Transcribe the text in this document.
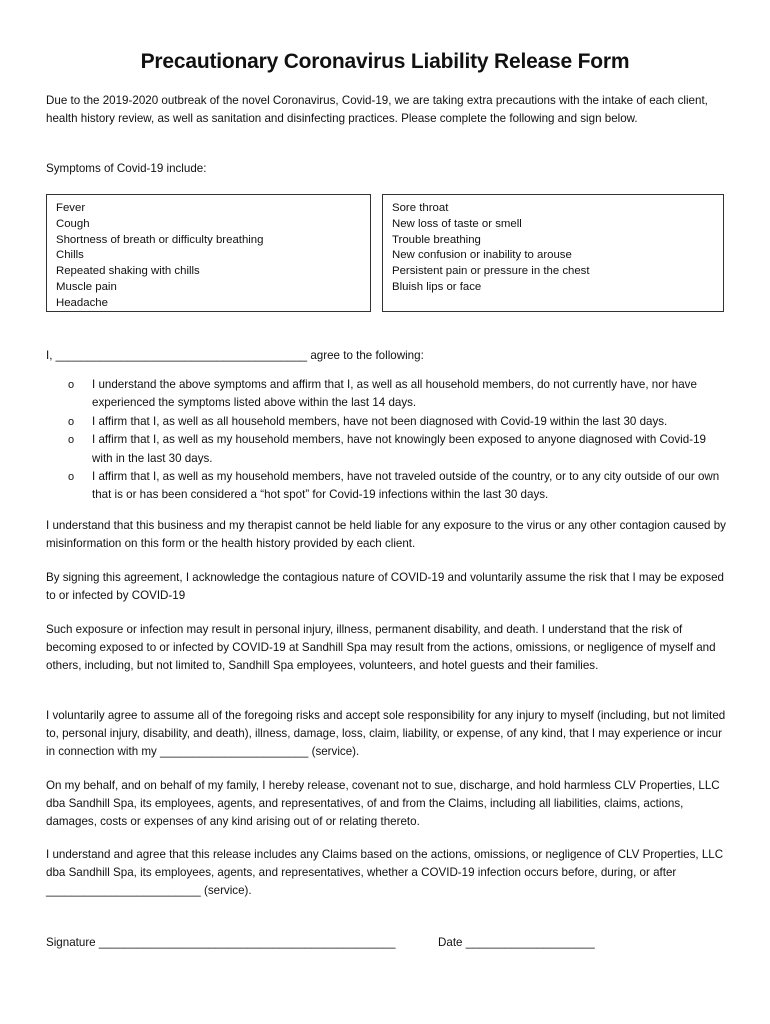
Precautionary Coronavirus Liability Release Form
Due to the 2019-2020 outbreak of the novel Coronavirus, Covid-19, we are taking extra precautions with the intake of each client, health history review, as well as sanitation and disinfecting practices. Please complete the following and sign below.
Symptoms of Covid-19 include:
Fever
Cough
Shortness of breath or difficulty breathing
Chills
Repeated shaking with chills
Muscle pain
Headache
Sore throat
New loss of taste or smell
Trouble breathing
New confusion or inability to arouse
Persistent pain or pressure in the chest
Bluish lips or face
I, _______________________________________ agree to the following:
o I understand the above symptoms and affirm that I, as well as all household members, do not currently have, nor have experienced the symptoms listed above within the last 14 days.
o I affirm that I, as well as all household members, have not been diagnosed with Covid-19 within the last 30 days.
o I affirm that I, as well as my household members, have not knowingly been exposed to anyone diagnosed with Covid-19 with in the last 30 days.
o I affirm that I, as well as my household members, have not traveled outside of the country, or to any city outside of our own that is or has been considered a “hot spot” for Covid-19 infections within the last 30 days.
I understand that this business and my therapist cannot be held liable for any exposure to the virus or any other contagion caused by misinformation on this form or the health history provided by each client.
By signing this agreement, I acknowledge the contagious nature of COVID-19 and voluntarily assume the risk that I may be exposed to or infected by COVID-19
Such exposure or infection may result in personal injury, illness, permanent disability, and death. I understand that the risk of becoming exposed to or infected by COVID-19 at Sandhill Spa may result from the actions, omissions, or negligence of myself and others, including, but not limited to, Sandhill Spa employees, volunteers, and hotel guests and their families.
I voluntarily agree to assume all of the foregoing risks and accept sole responsibility for any injury to myself (including, but not limited to, personal injury, disability, and death), illness, damage, loss, claim, liability, or expense, of any kind, that I may experience or incur in connection with my _______________________ (service).
On my behalf, and on behalf of my family, I hereby release, covenant not to sue, discharge, and hold harmless CLV Properties, LLC dba Sandhill Spa, its employees, agents, and representatives, of and from the Claims, including all liabilities, claims, actions, damages, costs or expenses of any kind arising out of or relating thereto.
I understand and agree that this release includes any Claims based on the actions, omissions, or negligence of CLV Properties, LLC dba Sandhill Spa, its employees, agents, and representatives, whether a COVID-19 infection occurs before, during, or after ________________________ (service).
Signature ______________________________________________	Date ____________________
